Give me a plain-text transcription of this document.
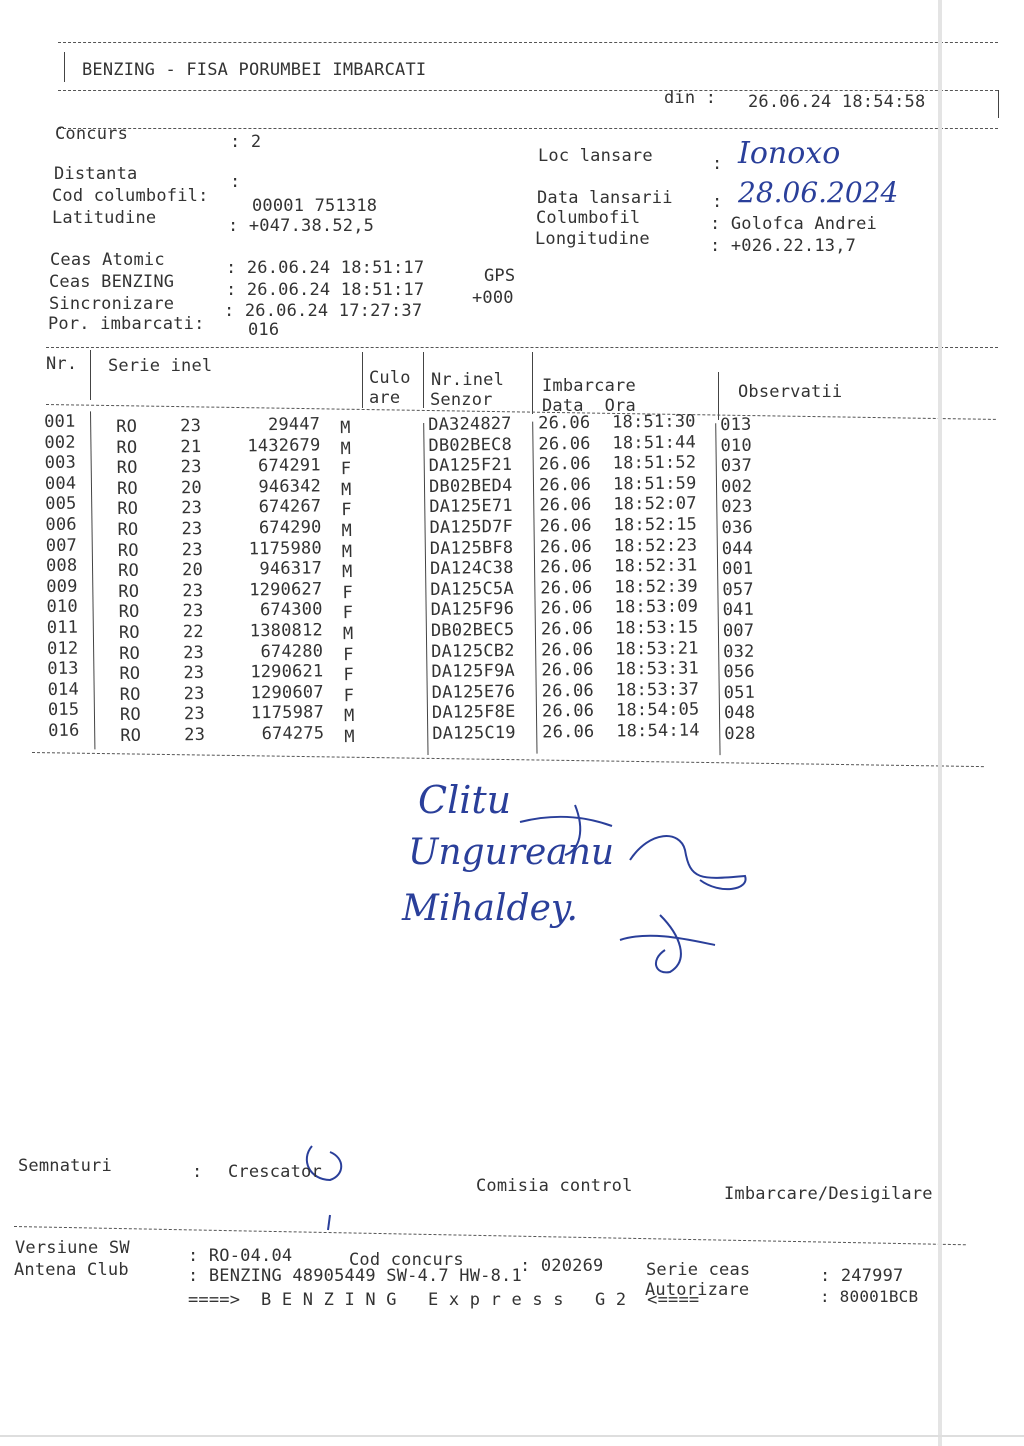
BENZING - FISA PORUMBEI IMBARCATI
din : 26.06.24 18:54:58
Concurs	: 2
Distanta	:
Cod columbofil:	00001 751318
Latitudine	: +047.38.52,5
Loc lansare	: Ionoxo
Data lansarii : 28.06.2024
Columbofil	: Golofca Andrei
Longitudine	: +026.22.13,7
Ceas Atomic	: 26.06.24 18:51:17	GPS
Ceas BENZING	: 26.06.24 18:51:17	+000
Sincronizare	: 26.06.24 17:27:37
Por. imbarcati:	016
Nr. Serie inel
Culo
are
Nr.inel
Senzor
Imbarcare
Data  Ora
Observatii
001 RO	23	29447 M	DA324827 26.06 18:51:30 013
002 RO	21	1432679 M	DB02BEC8 26.06 18:51:44 010
003 RO	23	674291 F	DA125F21 26.06 18:51:52 037
004 RO	20	946342 M	DB02BED4 26.06 18:51:59 002
005 RO	23	674267 F	DA125E71 26.06 18:52:07 023
006 RO	23	674290 M	DA125D7F 26.06 18:52:15 036
007 RO	23	1175980 M	DA125BF8 26.06 18:52:23 044
008 RO	20	946317 M	DA124C38 26.06 18:52:31 001
009 RO	23	1290627 F	DA125C5A 26.06 18:52:39 057
010 RO	23	674300 F	DA125F96 26.06 18:53:09 041
011 RO	22	1380812 M	DB02BEC5 26.06 18:53:15 007
012 RO	23	674280 F	DA125CB2 26.06 18:53:21 032
013 RO	23	1290621 F	DA125F9A 26.06 18:53:31 056
014 RO	23	1290607 F	DA125E76 26.06 18:53:37 051
015 RO	23	1175987 M	DA125F8E 26.06 18:54:05 048
016 RO	23	674275 M	DA125C19 26.06 18:54:14 028
Clitu
Ungureanu
Mihaldey.
Semnaturi	: Crescator
Comisia control	Imbarcare/Desigilare
Versiune SW
Antena Club
: RO-04.04	Cod concurs	: 020269	Serie ceas	: 247997
: BENZING 48905449 SW-4.7 HW-8.1
Autorizare	: 80001BCB
====>  B E N Z I N G   E x p r e s s   G 2  <====
